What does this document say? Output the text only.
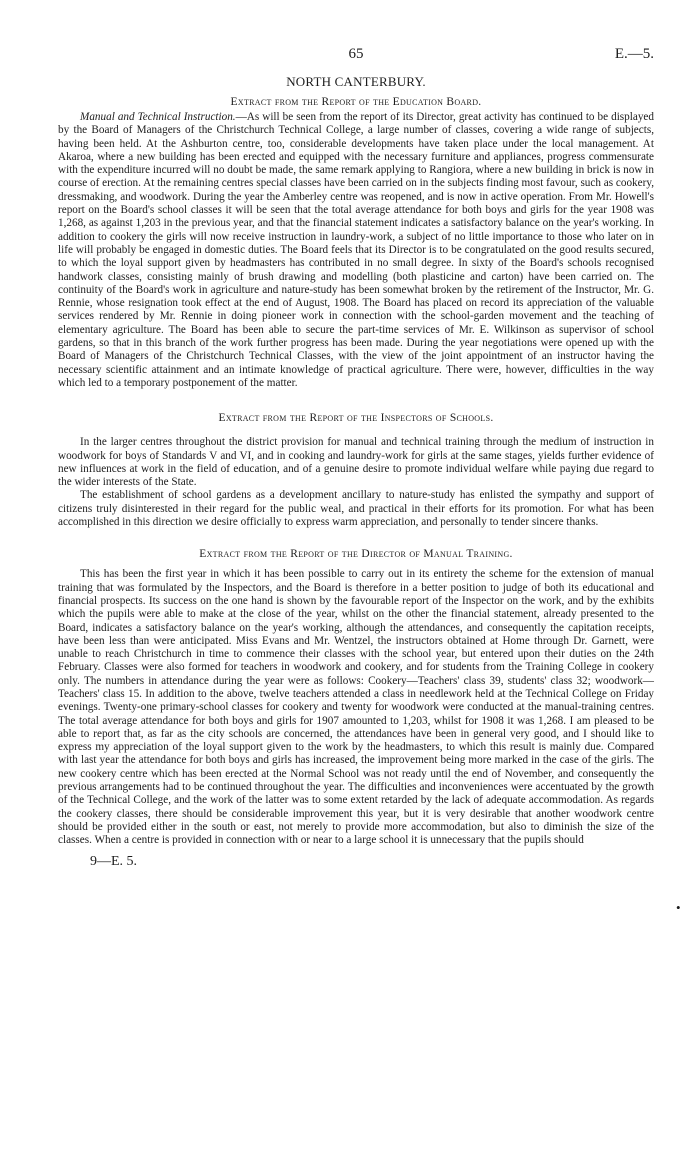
65	E.—5.
NORTH CANTERBURY.
Extract from the Report of the Education Board.

Manual and Technical Instruction.—As will be seen from the report of its Director, great activity has continued to be displayed by the Board of Managers of the Christchurch Technical College, a large number of classes, covering a wide range of subjects, having been held. At the Ashburton centre, too, considerable developments have taken place under the local management. At Akaroa, where a new building has been erected and equipped with the necessary furniture and appliances, progress commensurate with the expenditure incurred will no doubt be made, the same remark applying to Rangiora, where a new building in brick is now in course of erection. At the remaining centres special classes have been carried on in the subjects finding most favour, such as cookery, dressmaking, and woodwork. During the year the Amberley centre was reopened, and is now in active operation. From Mr. Howell's report on the Board's school classes it will be seen that the total average attendance for both boys and girls for the year 1908 was 1,268, as against 1,203 in the previous year, and that the financial statement indicates a satisfactory balance on the year's working. In addition to cookery the girls will now receive instruction in laundry-work, a subject of no little importance to those who later on in life will probably be engaged in domestic duties. The Board feels that its Director is to be congratulated on the good results secured, to which the loyal support given by headmasters has contributed in no small degree. In sixty of the Board's schools recognised handwork classes, consisting mainly of brush drawing and modelling (both plasticine and carton) have been carried on. The continuity of the Board's work in agriculture and nature-study has been somewhat broken by the retirement of the Instructor, Mr. G. Rennie, whose resignation took effect at the end of August, 1908. The Board has placed on record its appreciation of the valuable services rendered by Mr. Rennie in doing pioneer work in connection with the school-garden movement and the teaching of elementary agriculture. The Board has been able to secure the part-time services of Mr. E. Wilkinson as supervisor of school gardens, so that in this branch of the work further progress has been made. During the year negotiations were opened up with the Board of Managers of the Christchurch Technical Classes, with the view of the joint appointment of an instructor having the necessary scientific attainment and an intimate knowledge of practical agriculture. There were, however, difficulties in the way which led to a temporary postponement of the matter.

Extract from the Report of the Inspectors of Schools.

In the larger centres throughout the district provision for manual and technical training through the medium of instruction in woodwork for boys of Standards V and VI, and in cooking and laundry-work for girls at the same stages, yields further evidence of new influences at work in the field of education, and of a genuine desire to promote individual welfare while paying due regard to the wider interests of the State.

The establishment of school gardens as a development ancillary to nature-study has enlisted the sympathy and support of citizens truly disinterested in their regard for the public weal, and practical in their efforts for its promotion. For what has been accomplished in this direction we desire officially to express warm appreciation, and personally to tender sincere thanks.

Extract from the Report of the Director of Manual Training.

This has been the first year in which it has been possible to carry out in its entirety the scheme for the extension of manual training that was formulated by the Inspectors, and the Board is therefore in a better position to judge of both its educational and financial prospects. Its success on the one hand is shown by the favourable report of the Inspector on the work, and by the exhibits which the pupils were able to make at the close of the year, whilst on the other the financial statement, already presented to the Board, indicates a satisfactory balance on the year's working, although the attendances, and consequently the capitation receipts, have been less than were anticipated. Miss Evans and Mr. Wentzel, the instructors obtained at Home through Dr. Garnett, were unable to reach Christchurch in time to commence their classes with the school year, but entered upon their duties on the 24th February. Classes were also formed for teachers in woodwork and cookery, and for students from the Training College in cookery only. The numbers in attendance during the year were as follows: Cookery—Teachers' class 39, students' class 32; woodwork—Teachers' class 15. In addition to the above, twelve teachers attended a class in needlework held at the Technical College on Friday evenings. Twenty-one primary-school classes for cookery and twenty for woodwork were conducted at the manual-training centres. The total average attendance for both boys and girls for 1907 amounted to 1,203, whilst for 1908 it was 1,268. I am pleased to be able to report that, as far as the city schools are concerned, the attendances have been in general very good, and I should like to express my appreciation of the loyal support given to the work by the headmasters, to which this result is mainly due. Compared with last year the attendance for both boys and girls has increased, the improvement being more marked in the case of the girls. The new cookery centre which has been erected at the Normal School was not ready until the end of November, and consequently the previous arrangements had to be continued throughout the year. The difficulties and inconveniences were accentuated by the growth of the Technical College, and the work of the latter was to some extent retarded by the lack of adequate accommodation. As regards the cookery classes, there should be considerable improvement this year, but it is very desirable that another woodwork centre should be provided either in the south or east, not merely to provide more accommodation, but also to diminish the size of the classes. When a centre is provided in connection with or near to a large school it is unnecessary that the pupils should

9—E. 5.
•
